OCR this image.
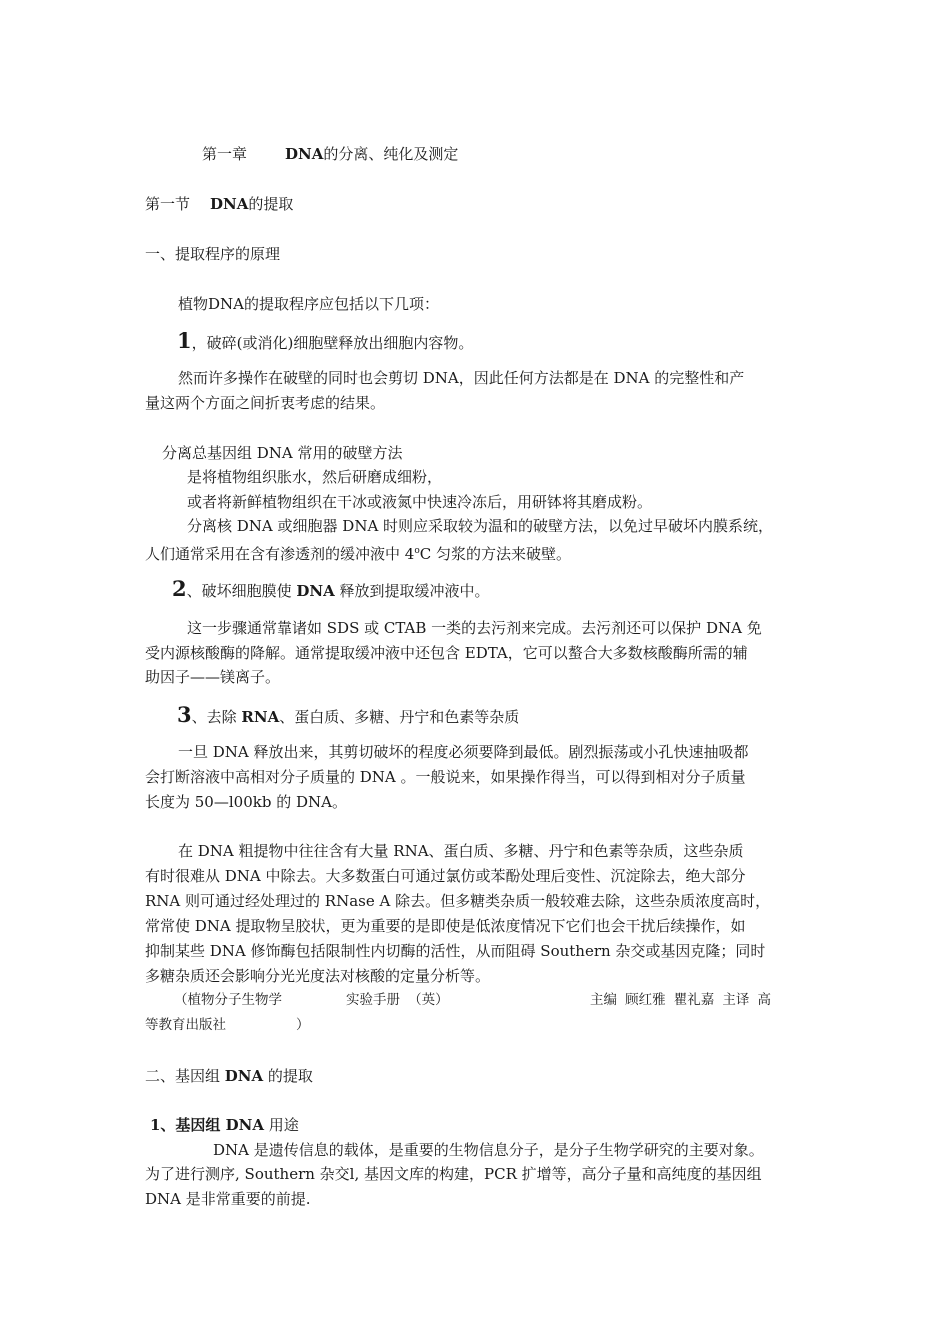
第一章	DNA的分离、纯化及测定
第一节 DNA的提取
一、提取程序的原理
植物DNA的提取程序应包括以下几项：
1，破碎(或消化)细胞壁释放出细胞内容物。
然而许多操作在破壁的同时也会剪切 DNA，因此任何方法都是在 DNA 的完整性和产
量这两个方面之间折衷考虑的结果。
分离总基因组 DNA 常用的破壁方法
是将植物组织胀水，然后研磨成细粉，
或者将新鲜植物组织在干冰或液氮中快速冷冻后，用研钵将其磨成粉。
分离核 DNA 或细胞器 DNA 时则应采取较为温和的破壁方法，以免过早破坏内膜系统，
人们通常采用在含有渗透剂的缓冲液中 4$^o$C 匀浆的方法来破壁。
2、破坏细胞膜使 DNA 释放到提取缓冲液中。
这一步骤通常靠诸如 SDS 或 CTAB 一类的去污剂来完成。去污剂还可以保护 DNA 免
受内源核酸酶的降解。通常提取缓冲液中还包含 EDTA，它可以螯合大多数核酸酶所需的辅
助因子——镁离子。
3、去除 RNA、蛋白质、多糖、丹宁和色素等杂质
一旦 DNA 释放出来，其剪切破坏的程度必须要降到最低。剧烈振荡或小孔快速抽吸都
会打断溶液中高相对分子质量的 DNA 。一般说来，如果操作得当，可以得到相对分子质量
长度为 50—l00kb 的 DNA。
在 DNA 粗提物中往往含有大量 RNA、蛋白质、多糖、丹宁和色素等杂质，这些杂质
有时很难从 DNA 中除去。大多数蛋白可通过氯仿或苯酚处理后变性、沉淀除去，绝大部分
RNA 则可通过经处理过的 RNase A 除去。但多糖类杂质一般较难去除，这些杂质浓度高时，
常常使 DNA 提取物呈胶状，更为重要的是即使是低浓度情况下它们也会干扰后续操作，如
抑制某些 DNA 修饰酶包括限制性内切酶的活性，从而阻碍 Southern 杂交或基因克隆；同时
多糖杂质还会影响分光光度法对核酸的定量分析等。
（植物分子生物学	实验手册 （英）	主编 顾红雅 瞿礼嘉 主译 高
等教育出版社	）
二、基因组 DNA 的提取
1、基因组 DNA 用途
DNA 是遗传信息的载体，是重要的生物信息分子，是分子生物学研究的主要对象。
为了进行测序, Southern 杂交l, 基因文库的构建，PCR 扩增等，高分子量和高纯度的基因组
DNA 是非常重要的前提.
